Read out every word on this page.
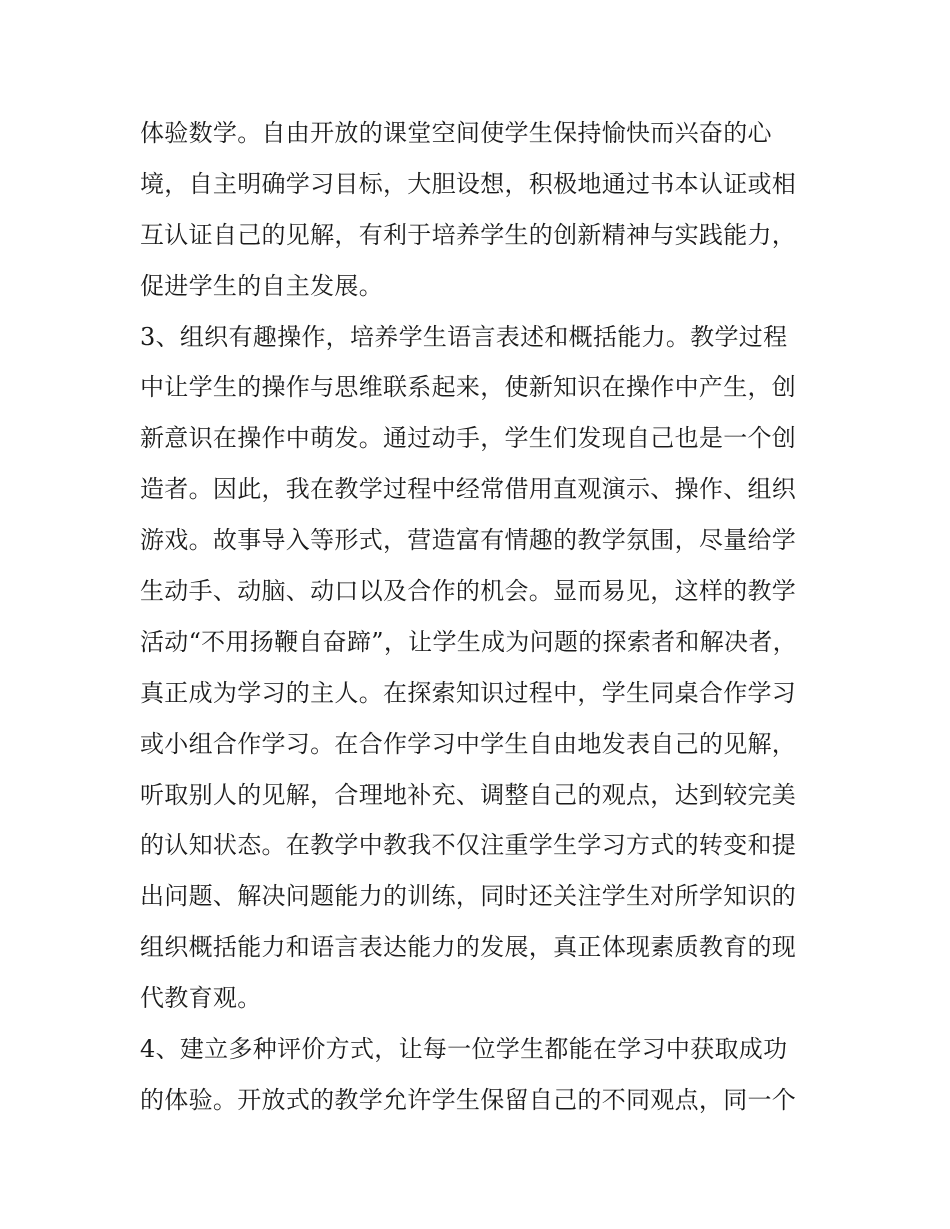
体验数学。自由开放的课堂空间使学生保持愉快而兴奋的心
境，自主明确学习目标，大胆设想，积极地通过书本认证或相
互认证自己的见解，有利于培养学生的创新精神与实践能力，
促进学生的自主发展。
3、组织有趣操作，培养学生语言表述和概括能力。教学过程
中让学生的操作与思维联系起来，使新知识在操作中产生，创
新意识在操作中萌发。通过动手，学生们发现自己也是一个创
造者。因此，我在教学过程中经常借用直观演示、操作、组织
游戏。故事导入等形式，营造富有情趣的教学氛围，尽量给学
生动手、动脑、动口以及合作的机会。显而易见，这样的教学
活动“不用扬鞭自奋蹄”，让学生成为问题的探索者和解决者，
真正成为学习的主人。在探索知识过程中，学生同桌合作学习
或小组合作学习。在合作学习中学生自由地发表自己的见解，
听取别人的见解，合理地补充、调整自己的观点，达到较完美
的认知状态。在教学中教我不仅注重学生学习方式的转变和提
出问题、解决问题能力的训练，同时还关注学生对所学知识的
组织概括能力和语言表达能力的发展，真正体现素质教育的现
代教育观。
4、建立多种评价方式，让每一位学生都能在学习中获取成功
的体验。开放式的教学允许学生保留自己的不同观点，同一个
